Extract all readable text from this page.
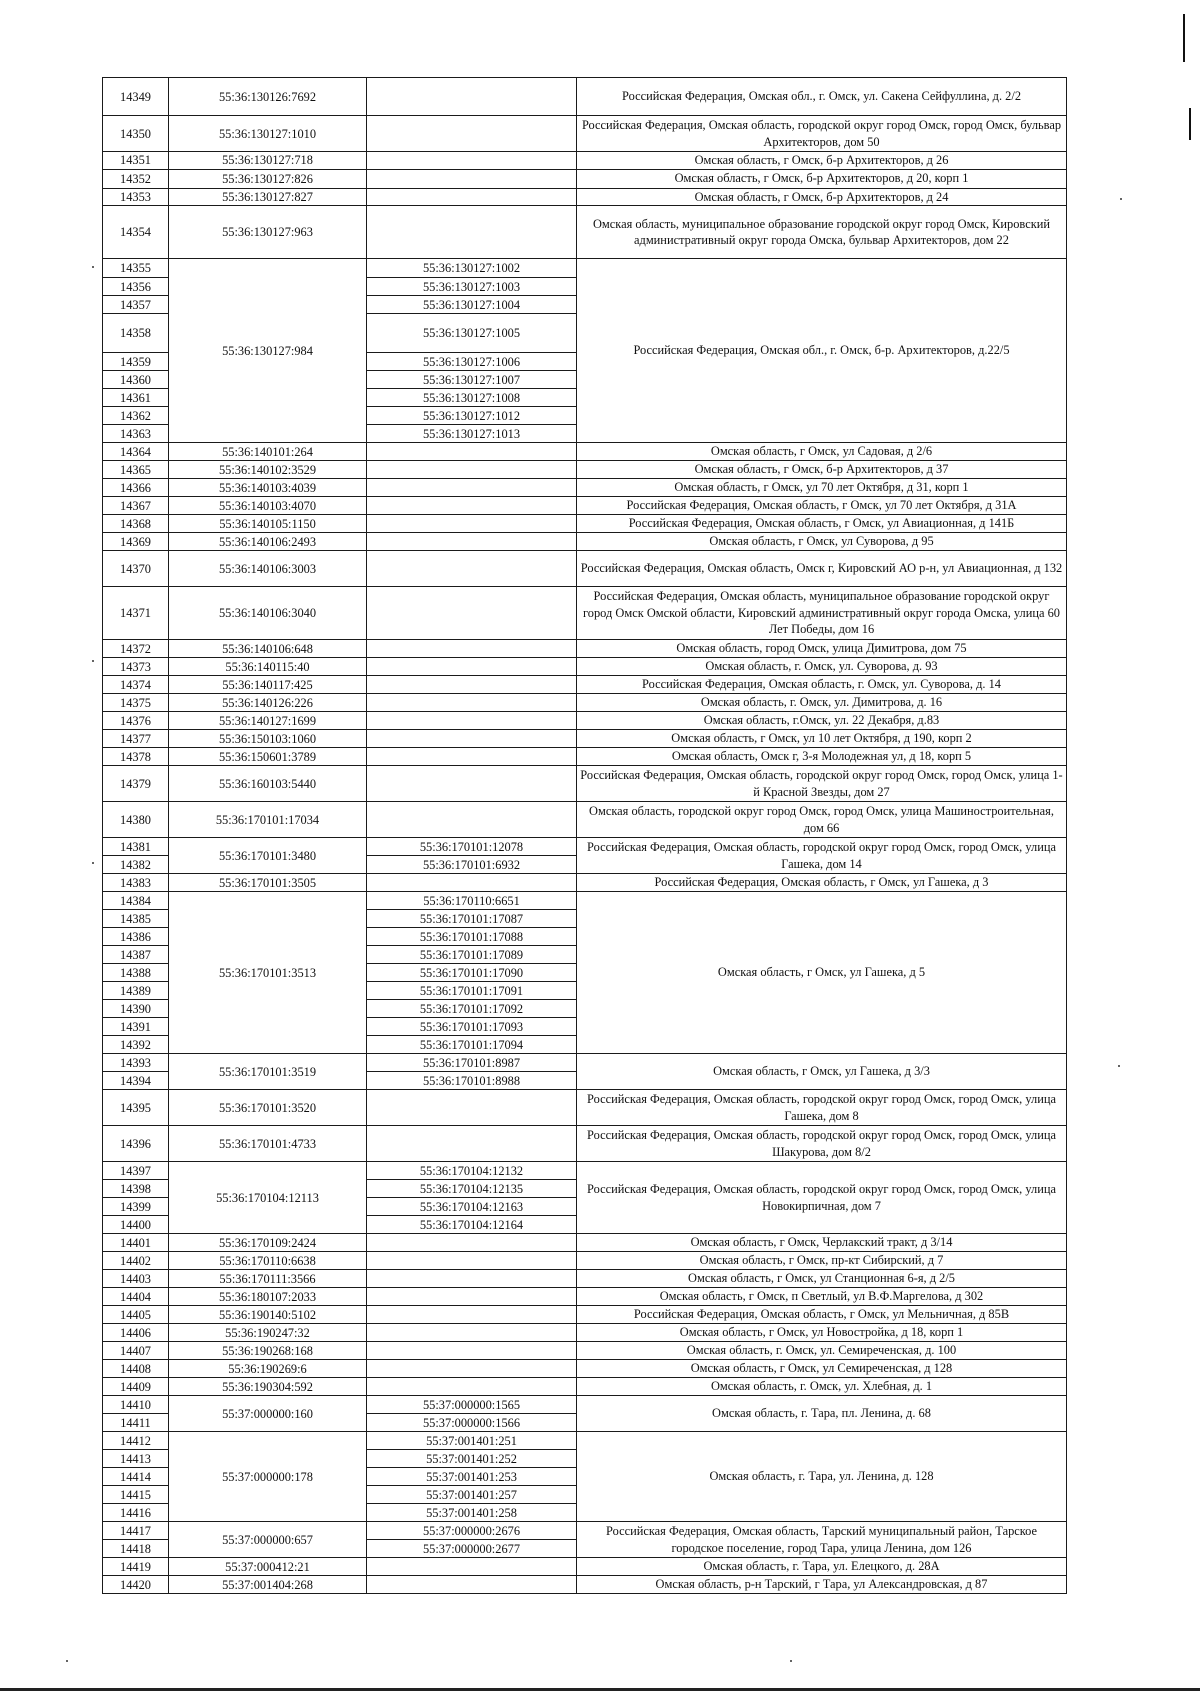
14349	55:36:130126:7692		Российская Федерация, Омская обл., г. Омск, ул. Сакена Сейфуллина, д. 2/2
14350	55:36:130127:1010		Российская Федерация, Омская область, городской округ город Омск, город Омск, бульвар Архитекторов, дом 50
14351	55:36:130127:718		Омская область, г Омск, б-р Архитекторов, д 26
14352	55:36:130127:826		Омская область, г Омск, б-р Архитекторов, д 20, корп 1
14353	55:36:130127:827		Омская область, г Омск, б-р Архитекторов, д 24
14354	55:36:130127:963		Омская область, муниципальное образование городской округ город Омск, Кировский административный округ города Омска, бульвар Архитекторов, дом 22
14355	55:36:130127:984	55:36:130127:1002	Российская Федерация, Омская обл., г. Омск, б-р. Архитекторов, д.22/5
14356		55:36:130127:1003	
14357		55:36:130127:1004	
14358		55:36:130127:1005	
14359		55:36:130127:1006	
14360		55:36:130127:1007	
14361		55:36:130127:1008	
14362		55:36:130127:1012	
14363		55:36:130127:1013	
14364	55:36:140101:264		Омская область, г Омск, ул Садовая, д 2/6
14365	55:36:140102:3529		Омская область, г Омск, б-р Архитекторов, д 37
14366	55:36:140103:4039		Омская область, г Омск, ул 70 лет Октября, д 31, корп 1
14367	55:36:140103:4070		Российская Федерация, Омская область, г Омск, ул 70 лет Октября, д 31А
14368	55:36:140105:1150		Российская Федерация, Омская область, г Омск, ул Авиационная, д 141Б
14369	55:36:140106:2493		Омская область, г Омск, ул Суворова, д 95
14370	55:36:140106:3003		Российская Федерация, Омская область, Омск г, Кировский АО р-н, ул Авиационная, д 132
14371	55:36:140106:3040		Российская Федерация, Омская область, муниципальное образование городской округ город Омск Омской области, Кировский административный округ города Омска, улица 60 Лет Победы, дом 16
14372	55:36:140106:648		Омская область, город Омск, улица Димитрова, дом 75
14373	55:36:140115:40		Омская область, г. Омск, ул. Суворова, д. 93
14374	55:36:140117:425		Российская Федерация, Омская область, г. Омск, ул. Суворова, д. 14
14375	55:36:140126:226		Омская область, г. Омск, ул. Димитрова, д. 16
14376	55:36:140127:1699		Омская область, г.Омск, ул. 22 Декабря, д.83
14377	55:36:150103:1060		Омская область, г Омск, ул 10 лет Октября, д 190, корп 2
14378	55:36:150601:3789		Омская область, Омск г, 3-я Молодежная ул, д 18, корп 5
14379	55:36:160103:5440		Российская Федерация, Омская область, городской округ город Омск, город Омск, улица 1-й Красной Звезды, дом 27
14380	55:36:170101:17034		Омская область, городской округ город Омск, город Омск, улица Машиностроительная, дом 66
14381	55:36:170101:3480	55:36:170101:12078	Российская Федерация, Омская область, городской округ город Омск, город Омск, улица Гашека, дом 14
14382		55:36:170101:6932	
14383	55:36:170101:3505		Российская Федерация, Омская область, г Омск, ул Гашека, д 3
14384	55:36:170101:3513	55:36:170110:6651	Омская область, г Омск, ул Гашека, д 5
14385		55:36:170101:17087	
14386		55:36:170101:17088	
14387		55:36:170101:17089	
14388		55:36:170101:17090	
14389		55:36:170101:17091	
14390		55:36:170101:17092	
14391		55:36:170101:17093	
14392		55:36:170101:17094	
14393	55:36:170101:3519	55:36:170101:8987	Омская область, г Омск, ул Гашека, д 3/3
14394		55:36:170101:8988	
14395	55:36:170101:3520		Российская Федерация, Омская область, городской округ город Омск, город Омск, улица Гашека, дом 8
14396	55:36:170101:4733		Российская Федерация, Омская область, городской округ город Омск, город Омск, улица Шакурова, дом 8/2
14397	55:36:170104:12113	55:36:170104:12132	Российская Федерация, Омская область, городской округ город Омск, город Омск, улица Новокирпичная, дом 7
14398		55:36:170104:12135	
14399		55:36:170104:12163	
14400		55:36:170104:12164	
14401	55:36:170109:2424		Омская область, г Омск, Черлакский тракт, д 3/14
14402	55:36:170110:6638		Омская область, г Омск, пр-кт Сибирский, д 7
14403	55:36:170111:3566		Омская область, г Омск, ул Станционная 6-я, д 2/5
14404	55:36:180107:2033		Омская область, г Омск, п Светлый, ул В.Ф.Маргелова, д 302
14405	55:36:190140:5102		Российская Федерация, Омская область, г Омск, ул Мельничная, д 85В
14406	55:36:190247:32		Омская область, г Омск, ул Новостройка, д 18, корп 1
14407	55:36:190268:168		Омская область, г. Омск, ул. Семиреченская, д. 100
14408	55:36:190269:6		Омская область, г Омск, ул Семиреченская, д 128
14409	55:36:190304:592		Омская область, г. Омск, ул. Хлебная, д. 1
14410	55:37:000000:160	55:37:000000:1565	Омская область, г. Тара, пл. Ленина, д. 68
14411		55:37:000000:1566	
14412	55:37:000000:178	55:37:001401:251	Омская область, г. Тара, ул. Ленина, д. 128
14413		55:37:001401:252	
14414		55:37:001401:253	
14415		55:37:001401:257	
14416		55:37:001401:258	
14417	55:37:000000:657	55:37:000000:2676	Российская Федерация, Омская область, Тарский муниципальный район, Тарское городское поселение, город Тара, улица Ленина, дом 126
14418		55:37:000000:2677	
14419	55:37:000412:21		Омская область, г. Тара, ул. Елецкого, д. 28А
14420	55:37:001404:268		Омская область, р-н Тарский, г Тара, ул Александровская, д 87
